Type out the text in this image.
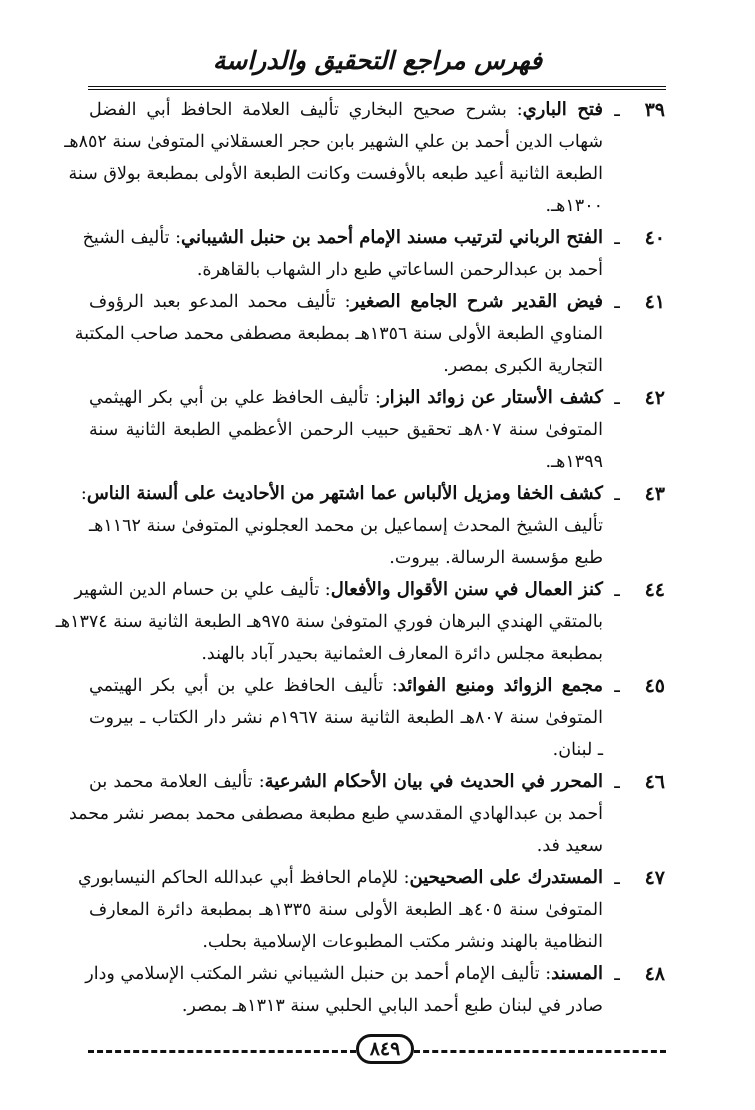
فهرس مراجع التحقيق والدراسة
٣٩
ـ
فتح الباري: بشرح صحيح البخاري تأليف العلامة الحافظ أبي الفضل
شهاب الدين أحمد بن علي الشهير بابن حجر العسقلاني المتوفىٰ سنة ٨٥٢هـ
الطبعة الثانية أعيد طبعه بالأوفست وكانت الطبعة الأولى بمطبعة بولاق سنة
١٣٠٠هـ.
٤٠
ـ
الفتح الرباني لترتيب مسند الإمام أحمد بن حنبل الشيباني: تأليف الشيخ
أحمد بن عبدالرحمن الساعاتي طبع دار الشهاب بالقاهرة.
٤١
ـ
فيض القدير شرح الجامع الصغير: تأليف محمد المدعو بعبد الرؤوف
المناوي الطبعة الأولى سنة ١٣٥٦هـ بمطبعة مصطفى محمد صاحب المكتبة
التجارية الكبرى بمصر.
٤٢
ـ
كشف الأستار عن زوائد البزار: تأليف الحافظ علي بن أبي بكر الهيثمي
المتوفىٰ سنة ٨٠٧هـ تحقيق حبيب الرحمن الأعظمي الطبعة الثانية سنة
١٣٩٩هـ.
٤٣
ـ
كشف الخفا ومزيل الألباس عما اشتهر من الأحاديث على ألسنة الناس:
تأليف الشيخ المحدث إسماعيل بن محمد العجلوني المتوفىٰ سنة ١١٦٢هـ
طبع مؤسسة الرسالة. بيروت.
٤٤
ـ
كنز العمال في سنن الأقوال والأفعال: تأليف علي بن حسام الدين الشهير
بالمتقي الهندي البرهان فوري المتوفىٰ سنة ٩٧٥هـ الطبعة الثانية سنة ١٣٧٤هـ
بمطبعة مجلس دائرة المعارف العثمانية بحيدر آباد بالهند.
٤٥
ـ
مجمع الزوائد ومنبع الفوائد: تأليف الحافظ علي بن أبي بكر الهيتمي
المتوفىٰ سنة ٨٠٧هـ الطبعة الثانية سنة ١٩٦٧م نشر دار الكتاب ـ بيروت
ـ لبنان.
٤٦
ـ
المحرر في الحديث في بيان الأحكام الشرعية: تأليف العلامة محمد بن
أحمد بن عبدالهادي المقدسي طبع مطبعة مصطفى محمد بمصر نشر محمد
سعيد فد.
٤٧
ـ
المستدرك على الصحيحين: للإمام الحافظ أبي عبدالله الحاكم النيسابوري
المتوفىٰ سنة ٤٠٥هـ الطبعة الأولى سنة ١٣٣٥هـ بمطبعة دائرة المعارف
النظامية بالهند ونشر مكتب المطبوعات الإسلامية بحلب.
٤٨
ـ
المسند: تأليف الإمام أحمد بن حنبل الشيباني نشر المكتب الإسلامي ودار
صادر في لبنان طبع أحمد البابي الحلبي سنة ١٣١٣هـ بمصر.
٨٤٩
